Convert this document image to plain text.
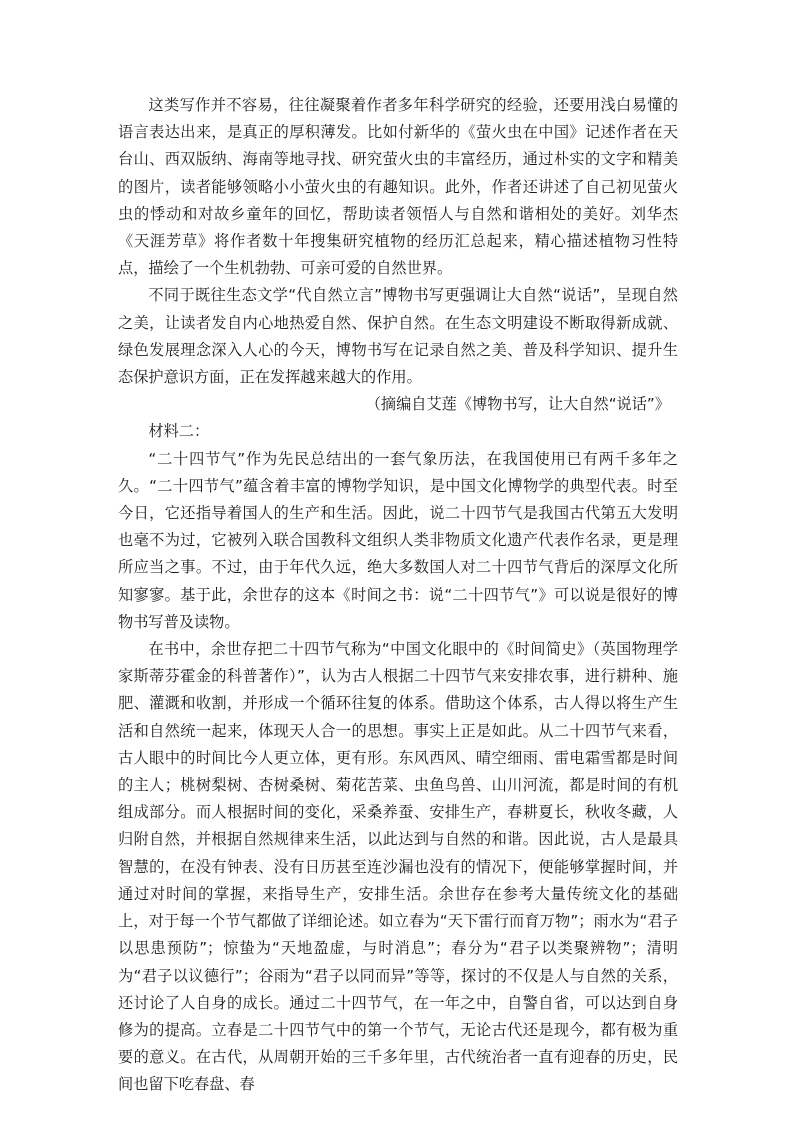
这类写作并不容易，往往凝聚着作者多年科学研究的经验，还要用浅白易懂的语言表达出来，是真正的厚积薄发。比如付新华的《萤火虫在中国》记述作者在天台山、西双版纳、海南等地寻找、研究萤火虫的丰富经历，通过朴实的文字和精美的图片，读者能够领略小小萤火虫的有趣知识。此外，作者还讲述了自己初见萤火虫的悸动和对故乡童年的回忆，帮助读者领悟人与自然和谐相处的美好。刘华杰《天涯芳草》将作者数十年搜集研究植物的经历汇总起来，精心描述植物习性特点，描绘了一个生机勃勃、可亲可爱的自然世界。

不同于既往生态文学“代自然立言”博物书写更强调让大自然“说话”，呈现自然之美，让读者发自内心地热爱自然、保护自然。在生态文明建设不断取得新成就、绿色发展理念深入人心的今天，博物书写在记录自然之美、普及科学知识、提升生态保护意识方面，正在发挥越来越大的作用。

（摘编自艾莲《博物书写，让大自然“说话”》

材料二：

“二十四节气”作为先民总结出的一套气象历法，在我国使用已有两千多年之久。“二十四节气”蕴含着丰富的博物学知识，是中国文化博物学的典型代表。时至今日，它还指导着国人的生产和生活。因此，说二十四节气是我国古代第五大发明也毫不为过，它被列入联合国教科文组织人类非物质文化遗产代表作名录，更是理所应当之事。不过，由于年代久远，绝大多数国人对二十四节气背后的深厚文化所知寥寥。基于此，余世存的这本《时间之书：说“二十四节气”》可以说是很好的博物书写普及读物。

在书中，余世存把二十四节气称为“中国文化眼中的《时间简史》（英国物理学家斯蒂芬霍金的科普著作）”，认为古人根据二十四节气来安排农事，进行耕种、施肥、灌溉和收割，并形成一个循环往复的体系。借助这个体系，古人得以将生产生活和自然统一起来，体现天人合一的思想。事实上正是如此。从二十四节气来看，古人眼中的时间比今人更立体，更有形。东风西风、晴空细雨、雷电霜雪都是时间的主人；桃树梨树、杏树桑树、菊花苦菜、虫鱼鸟兽、山川河流，都是时间的有机组成部分。而人根据时间的变化，采桑养蚕、安排生产，春耕夏长，秋收冬藏，人归附自然，并根据自然规律来生活，以此达到与自然的和谐。因此说，古人是最具智慧的，在没有钟表、没有日历甚至连沙漏也没有的情况下，便能够掌握时间，并通过对时间的掌握，来指导生产，安排生活。余世存在参考大量传统文化的基础上，对于每一个节气都做了详细论述。如立春为“天下雷行而育万物”；雨水为“君子以思患预防”；惊蛰为“天地盈虚，与时消息”；春分为“君子以类聚辨物”；清明为“君子以议德行”；谷雨为“君子以同而异”等等，探讨的不仅是人与自然的关系，还讨论了人自身的成长。通过二十四节气，在一年之中，自警自省，可以达到自身修为的提高。立春是二十四节气中的第一个节气，无论古代还是现今，都有极为重要的意义。在古代，从周朝开始的三千多年里，古代统治者一直有迎春的历史，民间也留下吃春盘、春
